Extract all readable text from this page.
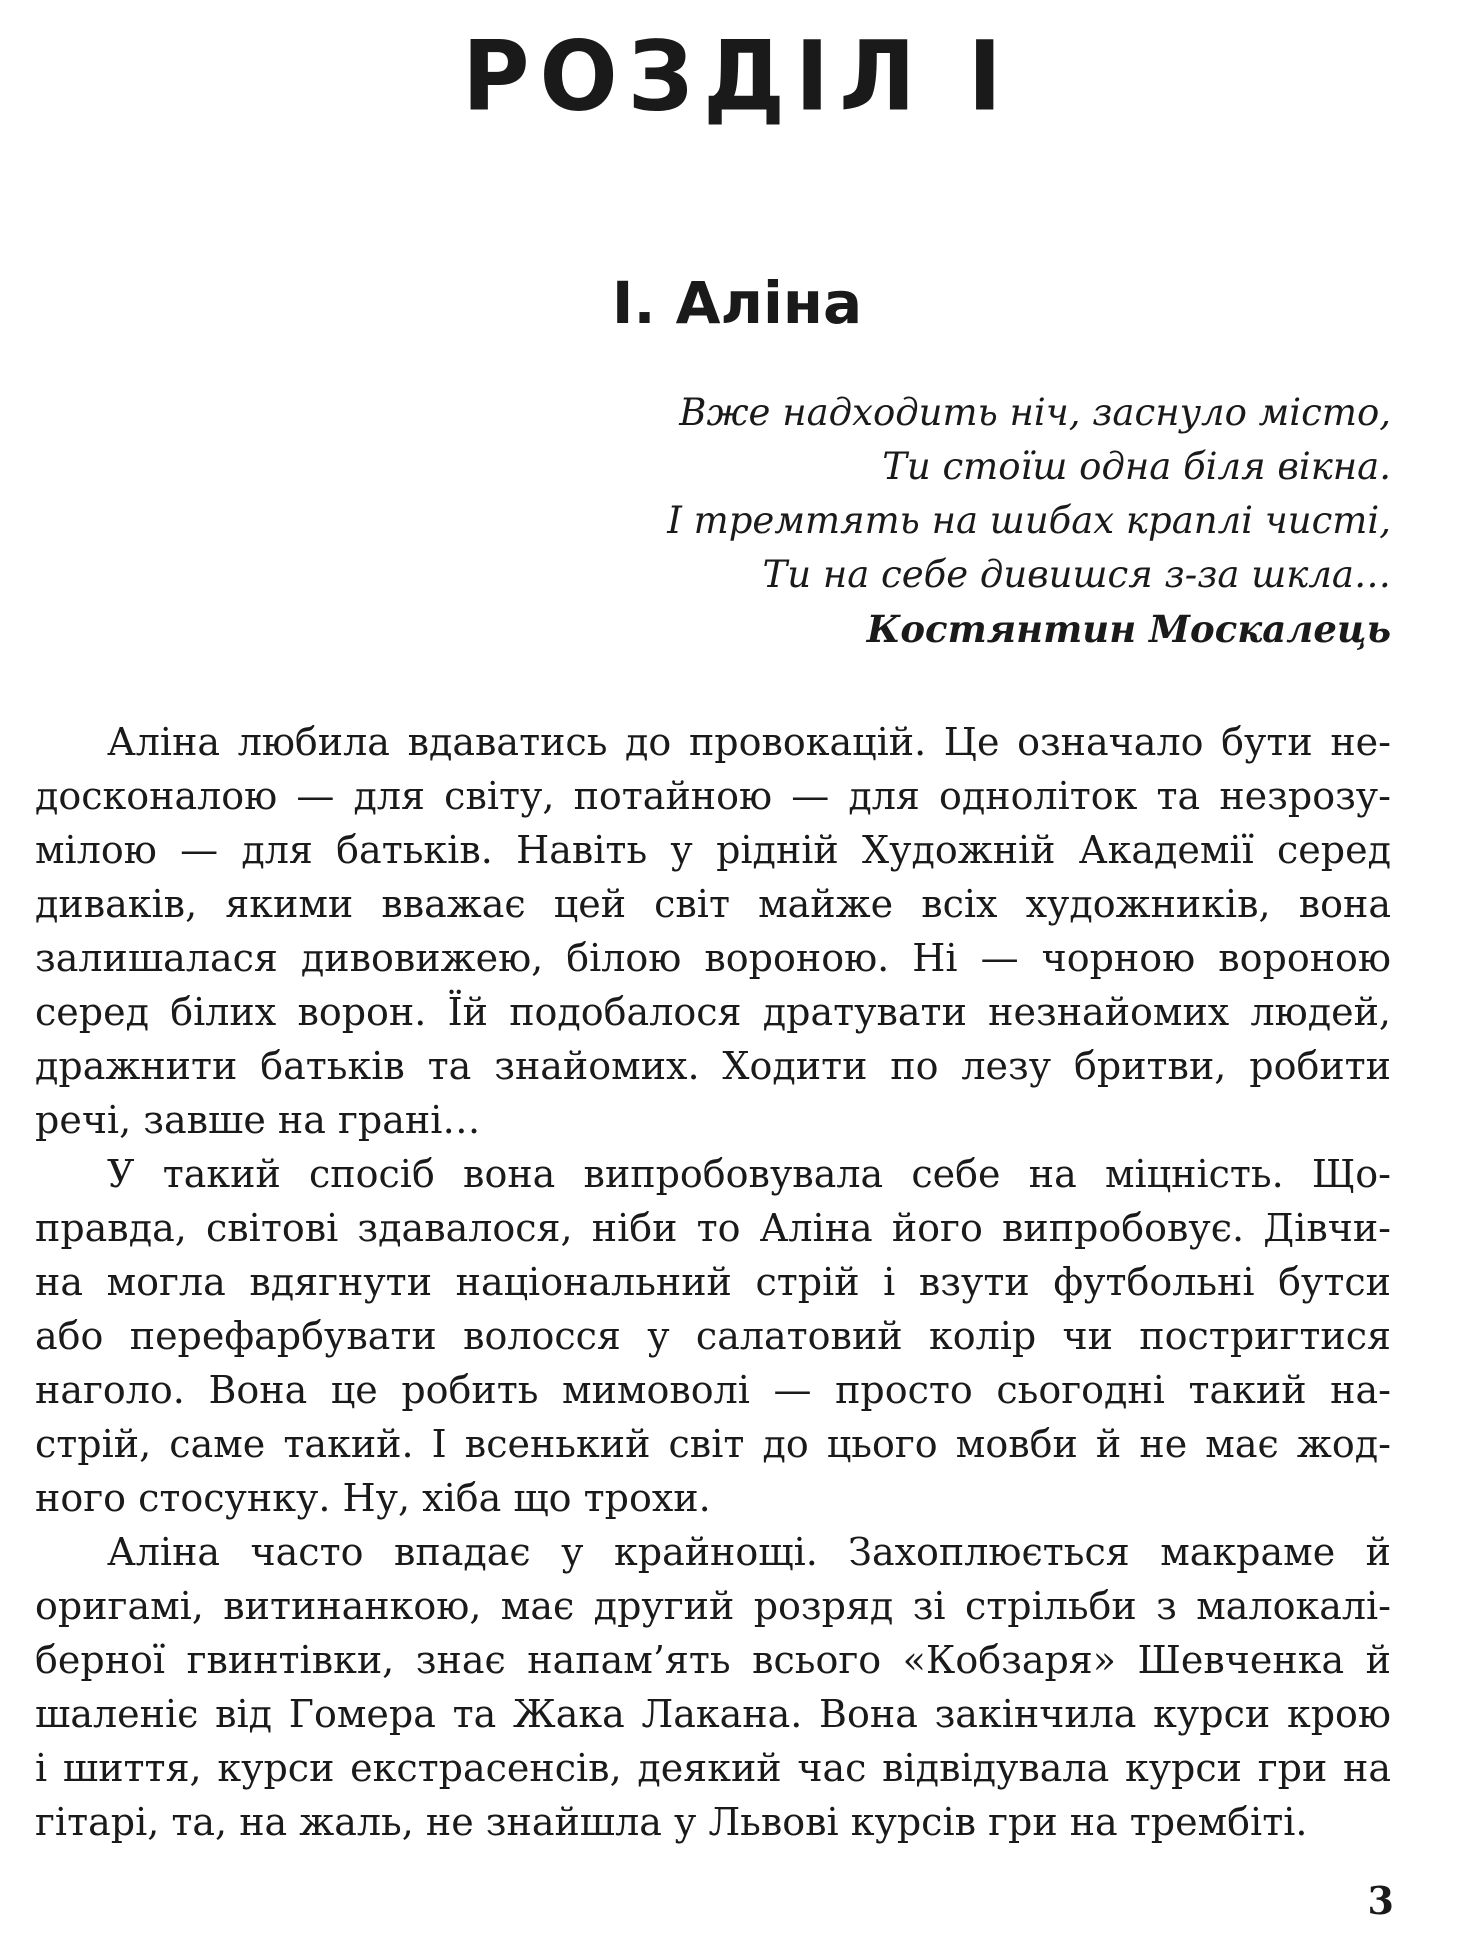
РОЗДІЛ І
І. Аліна
Вже надходить ніч, заснуло місто,
Ти стоїш одна біля вікна.
І тремтять на шибах краплі чисті,
Ти на себе дивишся з-за шкла…
Костянтин Москалець
Аліна любила вдаватись до провокацій. Це означало бути не-
досконалою — для світу, потайною — для одноліток та незрозу-
мілою — для батьків. Навіть у рідній Художній Академії серед
диваків, якими вважає цей світ майже всіх художників, вона
залишалася дивовижею, білою вороною. Ні — чорною вороною
серед білих ворон. Їй подобалося дратувати незнайомих людей,
дражнити батьків та знайомих. Ходити по лезу бритви, робити
речі, завше на грані…
У такий спосіб вона випробовувала себе на міцність. Що-
правда, світові здавалося, ніби то Аліна його випробовує. Дівчи-
на могла вдягнути національний стрій і взути футбольні бутси
або перефарбувати волосся у салатовий колір чи постригтися
наголо. Вона це робить мимоволі — просто сьогодні такий на-
стрій, саме такий. І всенький світ до цього мовби й не має жод-
ного стосунку. Ну, хіба що трохи.
Аліна часто впадає у крайнощі. Захоплюється макраме й
оригамі, витинанкою, має другий розряд зі стрільби з малокалі-
берної гвинтівки, знає напам’ять всього «Кобзаря» Шевченка й
шаленіє від Гомера та Жака Лакана. Вона закінчила курси крою
і шиття, курси екстрасенсів, деякий час відвідувала курси гри на
гітарі, та, на жаль, не знайшла у Львові курсів гри на трембіті.
3
